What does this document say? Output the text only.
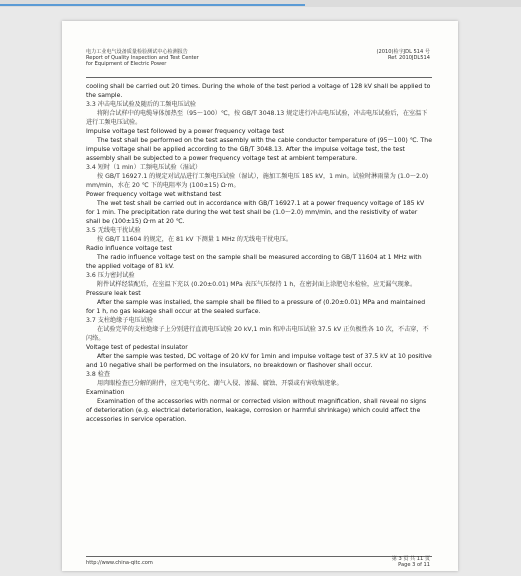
电力工业电气设备质量检验测试中心检测报告
Report of Quality Inspection and Test Center
for Equipment of Electric Power
(2010)检字JDL 514 号
Ref. 2010JDL514

cooling shall be carried out 20 times. During the whole of the test period a voltage of 128 kV shall be applied to the sample.

3.3 冲击电压试验及随后的工频电压试验

将附合试样中的电缆导体加热至（95～100）℃，按 GB/T 3048.13 规定进行冲击电压试验，冲击电压试验后，在室温下进行工频电压试验。

Impulse voltage test followed by a power frequency voltage test

The test shall be performed on the test assembly with the cable conductor temperature of (95～100) ℃. The impulse voltage shall be applied according to the GB/T 3048.13. After the impulse voltage test, the test assembly shall be subjected to a power frequency voltage test at ambient temperature.

3.4 短时（1 min）工频电压试验（湿试）

按 GB/T 16927.1 的规定对试品进行工频电压试验（湿试），施加工频电压 185 kV，1 min。试验时淋雨量为 (1.0～2.0) mm/min，水在 20 ℃ 下的电阻率为 (100±15) Ω·m。

Power frequency voltage wet withstand test

The wet test shall be carried out in accordance with GB/T 16927.1 at a power frequency voltage of 185 kV for 1 min. The precipitation rate during the wet test shall be (1.0～2.0) mm/min, and the resistivity of water shall be (100±15) Ω·m at 20 ℃.

3.5 无线电干扰试验

按 GB/T 11604 的规定，在 81 kV 下测量 1 MHz 的无线电干扰电压。

Radio influence voltage test

The radio influence voltage test on the sample shall be measured according to GB/T 11604 at 1 MHz with the applied voltage of 81 kV.

3.6 压力密封试验

附件试样经装配后，在室温下充以 (0.20±0.01) MPa 表压气压保持 1 h，在密封面上涂肥皂水检验，应无漏气现象。

Pressure leak test

After the sample was installed, the sample shall be filled to a pressure of (0.20±0.01) MPa and maintained for 1 h, no gas leakage shall occur at the sealed surface.

3.7 支柱绝缘子电压试验

在试验完毕的支柱绝缘子上分别进行直流电压试验 20 kV,1 min 和冲击电压试验 37.5 kV 正负极性各 10 次，不击穿，不闪络。

Voltage test of pedestal insulator

After the sample was tested, DC voltage of 20 kV for 1min and impulse voltage test of 37.5 kV at 10 positive and 10 negative shall be performed on the insulators, no breakdown or flashover shall occur.

3.8 检查

用肉眼检查已分解的附件，应无电气劣化、潮气入侵、渗漏、腐蚀、开裂或有害收缩迹象。

Examination

Examination of the accessories with normal or corrected vision without magnification, shall reveal no signs of deterioration (e.g. electrical deterioration, leakage, corrosion or harmful shrinkage) which could affect the accessories in service operation.

http://www.china-qitc.com
第 3 页 共 11 页
Page 3 of 11
